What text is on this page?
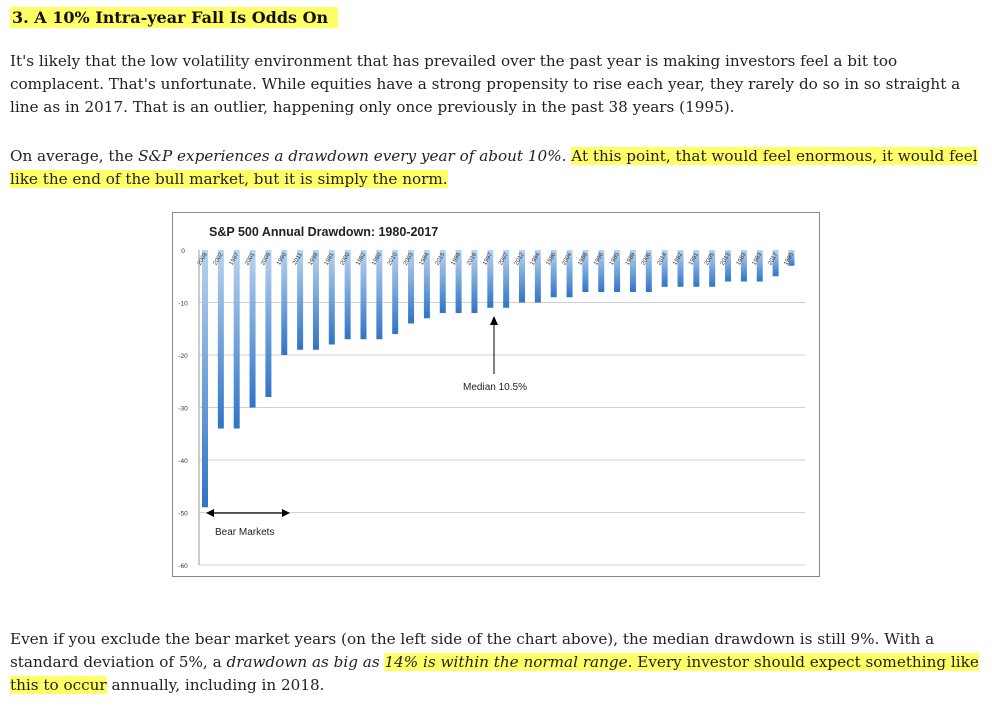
3. A 10% Intra-year Fall Is Odds On

It's likely that the low volatility environment that has prevailed over the past year is making investors feel a bit too complacent. That's unfortunate. While equities have a strong propensity to rise each year, they rarely do so in so straight a line as in 2017. That is an outlier, happening only once previously in the past 38 years (1995).

On average, the S&P experiences a drawdown every year of about 10%. At this point, that would feel enormous, it would feel like the end of the bull market, but it is simply the norm.

S&P 500 Annual Drawdown: 1980-2017
0
-10
-20
-30
-40
-50
-60
2008 2002 1987 2001 2009 1990 2011 1998 1981 2000 1982 1980 2010 2003 1984 2015 1999 2016 1997 2007 2012 1994 1986 2004 1988 1996 1985 1989 2006 2014 1992 1991 2005 2013 1983 1993 2017 1995
Median 10.5%
Bear Markets

Even if you exclude the bear market years (on the left side of the chart above), the median drawdown is still 9%. With a standard deviation of 5%, a drawdown as big as 14% is within the normal range. Every investor should expect something like this to occur annually, including in 2018.
